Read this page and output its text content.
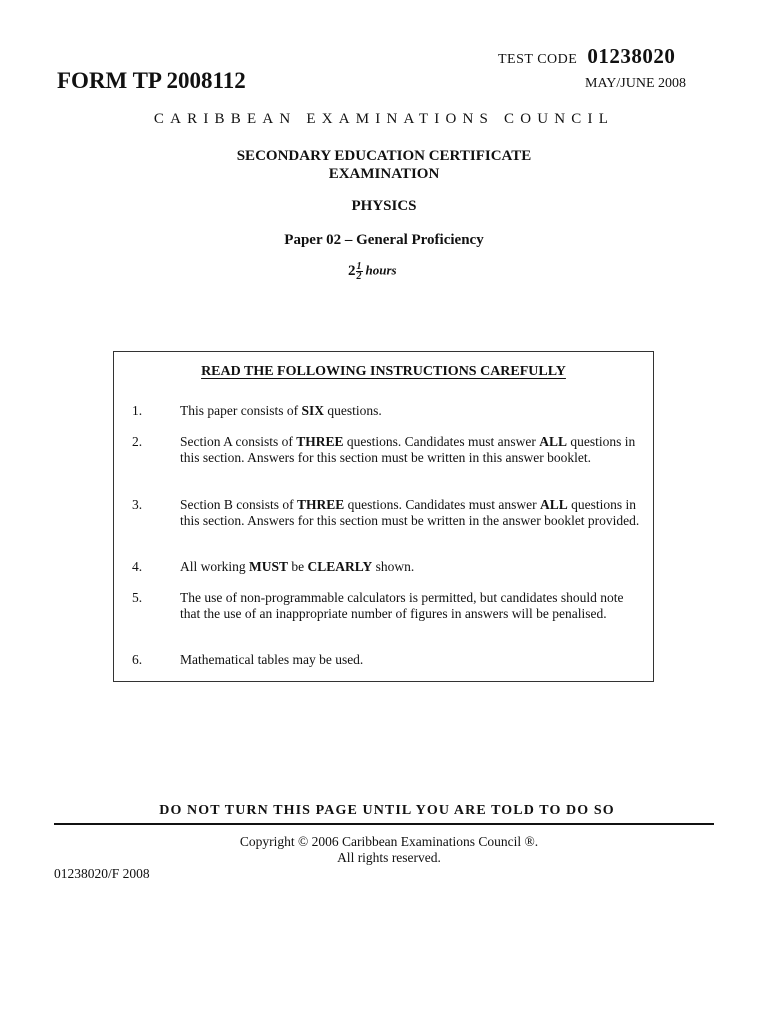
TEST CODE 01238020
FORM TP 2008112	MAY/JUNE 2008
CARIBBEAN EXAMINATIONS COUNCIL
SECONDARY EDUCATION CERTIFICATE
EXAMINATION
PHYSICS
Paper 02 – General Proficiency
$2 \frac{1}{2}$ hours
READ THE FOLLOWING INSTRUCTIONS CAREFULLY
1.	This paper consists of SIX questions.
2.	Section A consists of THREE questions. Candidates must answer ALL questions in this section. Answers for this section must be written in this answer booklet.
3.	Section B consists of THREE questions. Candidates must answer ALL questions in this section. Answers for this section must be written in the answer booklet provided.
4.	All working MUST be CLEARLY shown.
5.	The use of non-programmable calculators is permitted, but candidates should note that the use of an inappropriate number of figures in answers will be penalised.
6.	Mathematical tables may be used.
DO NOT TURN THIS PAGE UNTIL YOU ARE TOLD TO DO SO
Copyright © 2006 Caribbean Examinations Council ®.
All rights reserved.
01238020/F 2008
